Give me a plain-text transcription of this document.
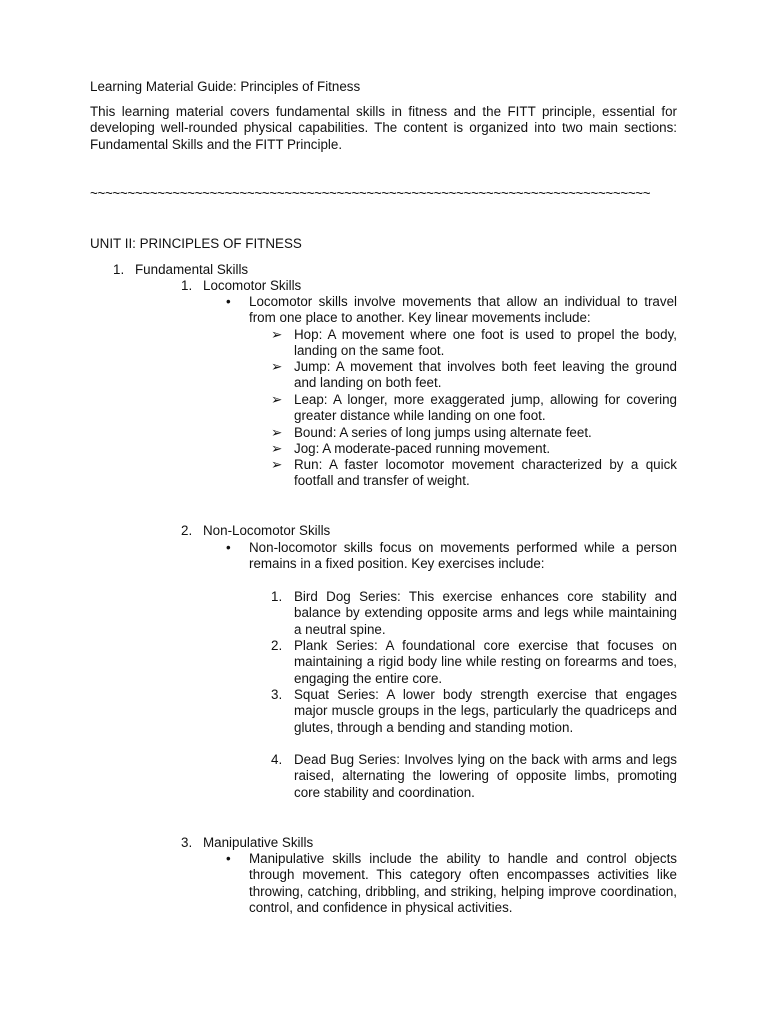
Learning Material Guide: Principles of Fitness
This learning material covers fundamental skills in fitness and the FITT principle, essential for developing well-rounded physical capabilities. The content is organized into two main sections: Fundamental Skills and the FITT Principle.
~~~~~~~~~~~~~~~~~~~~~~~~~~~~~~~~~~~~~~~~~~~~~~~~~~~~~~~~~~~~~~~~~~~~~~~~~~~
UNIT II: PRINCIPLES OF FITNESS
1. Fundamental Skills
1. Locomotor Skills
• Locomotor skills involve movements that allow an individual to travel from one place to another. Key linear movements include:
➢ Hop: A movement where one foot is used to propel the body, landing on the same foot.
➢ Jump: A movement that involves both feet leaving the ground and landing on both feet.
➢ Leap: A longer, more exaggerated jump, allowing for covering greater distance while landing on one foot.
➢ Bound: A series of long jumps using alternate feet.
➢ Jog: A moderate-paced running movement.
➢ Run: A faster locomotor movement characterized by a quick footfall and transfer of weight.
2. Non-Locomotor Skills
• Non-locomotor skills focus on movements performed while a person remains in a fixed position. Key exercises include:
1. Bird Dog Series: This exercise enhances core stability and balance by extending opposite arms and legs while maintaining a neutral spine.
2. Plank Series: A foundational core exercise that focuses on maintaining a rigid body line while resting on forearms and toes, engaging the entire core.
3. Squat Series: A lower body strength exercise that engages major muscle groups in the legs, particularly the quadriceps and glutes, through a bending and standing motion.
4. Dead Bug Series: Involves lying on the back with arms and legs raised, alternating the lowering of opposite limbs, promoting core stability and coordination.
3. Manipulative Skills
• Manipulative skills include the ability to handle and control objects through movement. This category often encompasses activities like throwing, catching, dribbling, and striking, helping improve coordination, control, and confidence in physical activities.
